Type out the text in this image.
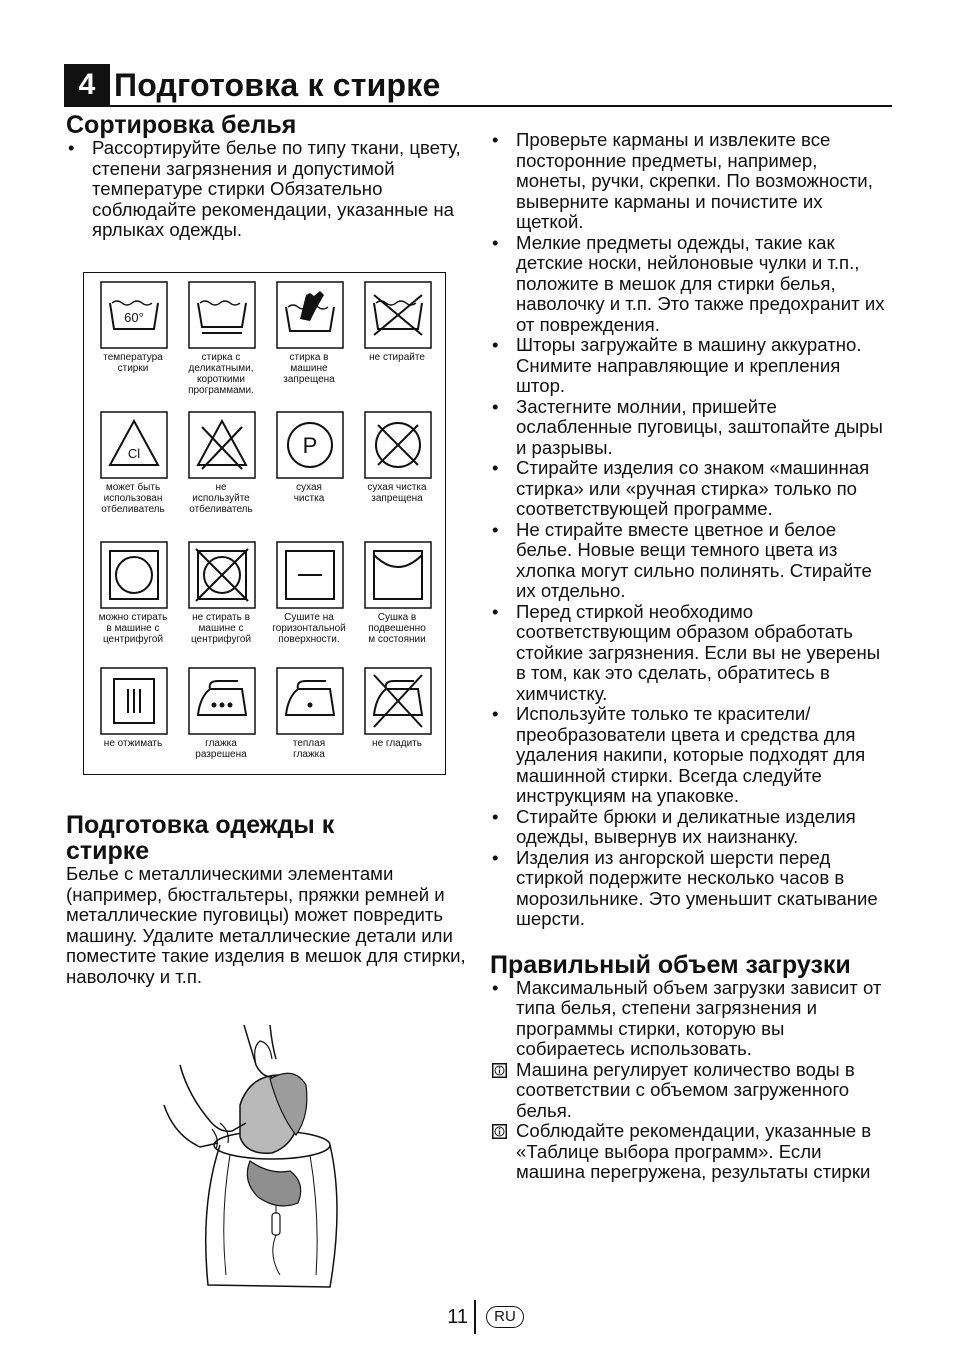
4 Подготовка к стирке
Сортировка белья
• Рассортируйте белье по типу ткани, цвету, степени загрязнения и допустимой температуре стирки Обязательно соблюдайте рекомендации, указанные на ярлыках одежды.
60°
температура
стирки
стирка с
деликатными,
короткими
программами.
стирка в
машине
запрещена
не стирайте
Cl
может быть
использован
отбеливатель
не
используйте
отбеливатель
P
сухая
чистка
сухая чистка
запрещена
можно стирать
в машине с
центрифугой
не стирать в
машине с
центрифугой
Сушите на
горизонтальной
поверхности.
Сушка в
подвешенно
м состоянии
не отжимать	глажка
разрешена
теплая
глажка
не гладить
Подготовка одежды к
стирке

Белье с металлическими элементами (например, бюстгальтеры, пряжки ремней и металлические пуговицы) может повредить машину. Удалите металлические детали или поместите такие изделия в мешок для стирки, наволочку и т.п.

• Проверьте карманы и извлеките все посторонние предметы, например, монеты, ручки, скрепки. По возможности, выверните карманы и почистите их щеткой.
• Мелкие предметы одежды, такие как детские носки, нейлоновые чулки и т.п., положите в мешок для стирки белья, наволочку и т.п. Это также предохранит их от повреждения.
• Шторы загружайте в машину аккуратно. Снимите направляющие и крепления штор.
• Застегните молнии, пришейте ослабленные пуговицы, заштопайте дыры и разрывы.
• Стирайте изделия со знаком «машинная стирка» или «ручная стирка» только по соответствующей программе.
• Не стирайте вместе цветное и белое белье. Новые вещи темного цвета из хлопка могут сильно полинять. Стирайте их отдельно.
• Перед стиркой необходимо соответствующим образом обработать стойкие загрязнения. Если вы не уверены в том, как это сделать, обратитесь в химчистку.
• Используйте только те красители/ преобразователи цвета и средства для удаления накипи, которые подходят для машинной стирки. Всегда следуйте инструкциям на упаковке.
• Стирайте брюки и деликатные изделия одежды, вывернув их наизнанку.
• Изделия из ангорской шерсти перед стиркой подержите несколько часов в морозильнике. Это уменьшит скатывание шерсти.
Правильный объем загрузки
• Максимальный объем загрузки зависит от типа белья, степени загрязнения и программы стирки, которую вы собираетесь использовать.
Машина регулирует количество воды в соответствии с объемом загруженного белья.
Соблюдайте рекомендации, указанные в «Таблице выбора программ». Если машина перегружена, результаты стирки
11	RU
